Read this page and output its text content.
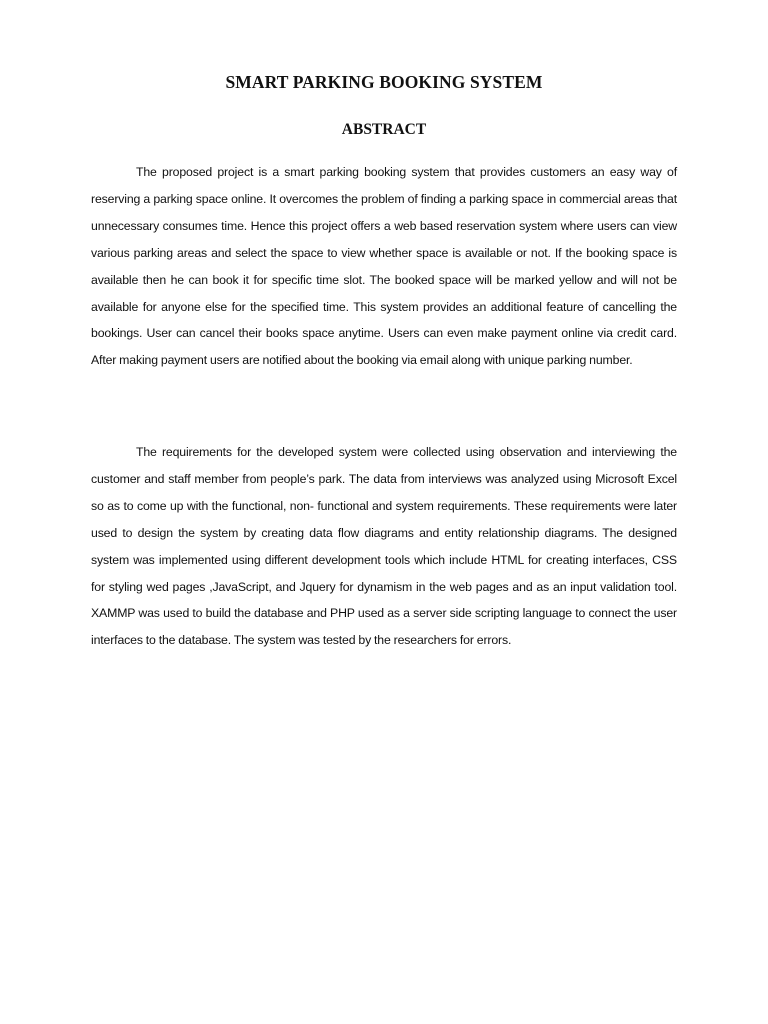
SMART PARKING BOOKING SYSTEM
ABSTRACT

The proposed project is a smart parking booking system that provides customers an easy way of reserving a parking space online. It overcomes the problem of finding a parking space in commercial areas that unnecessary consumes time. Hence this project offers a web based reservation system where users can view various parking areas and select the space to view whether space is available or not. If the booking space is available then he can book it for specific time slot. The booked space will be marked yellow and will not be available for anyone else for the specified time. This system provides an additional feature of cancelling the bookings. User can cancel their books space anytime. Users can even make payment online via credit card. After making payment users are notified about the booking via email along with unique parking number.

The requirements for the developed system were collected using observation and interviewing the customer and staff member from people’s park. The data from interviews was analyzed using Microsoft Excel so as to come up with the functional, non- functional and system requirements. These requirements were later used to design the system by creating data flow diagrams and entity relationship diagrams. The designed system was implemented using different development tools which include HTML for creating interfaces, CSS for styling wed pages ,JavaScript, and Jquery for dynamism in the web pages and as an input validation tool. XAMMP was used to build the database and PHP used as a server side scripting language to connect the user interfaces to the database. The system was tested by the researchers for errors.
